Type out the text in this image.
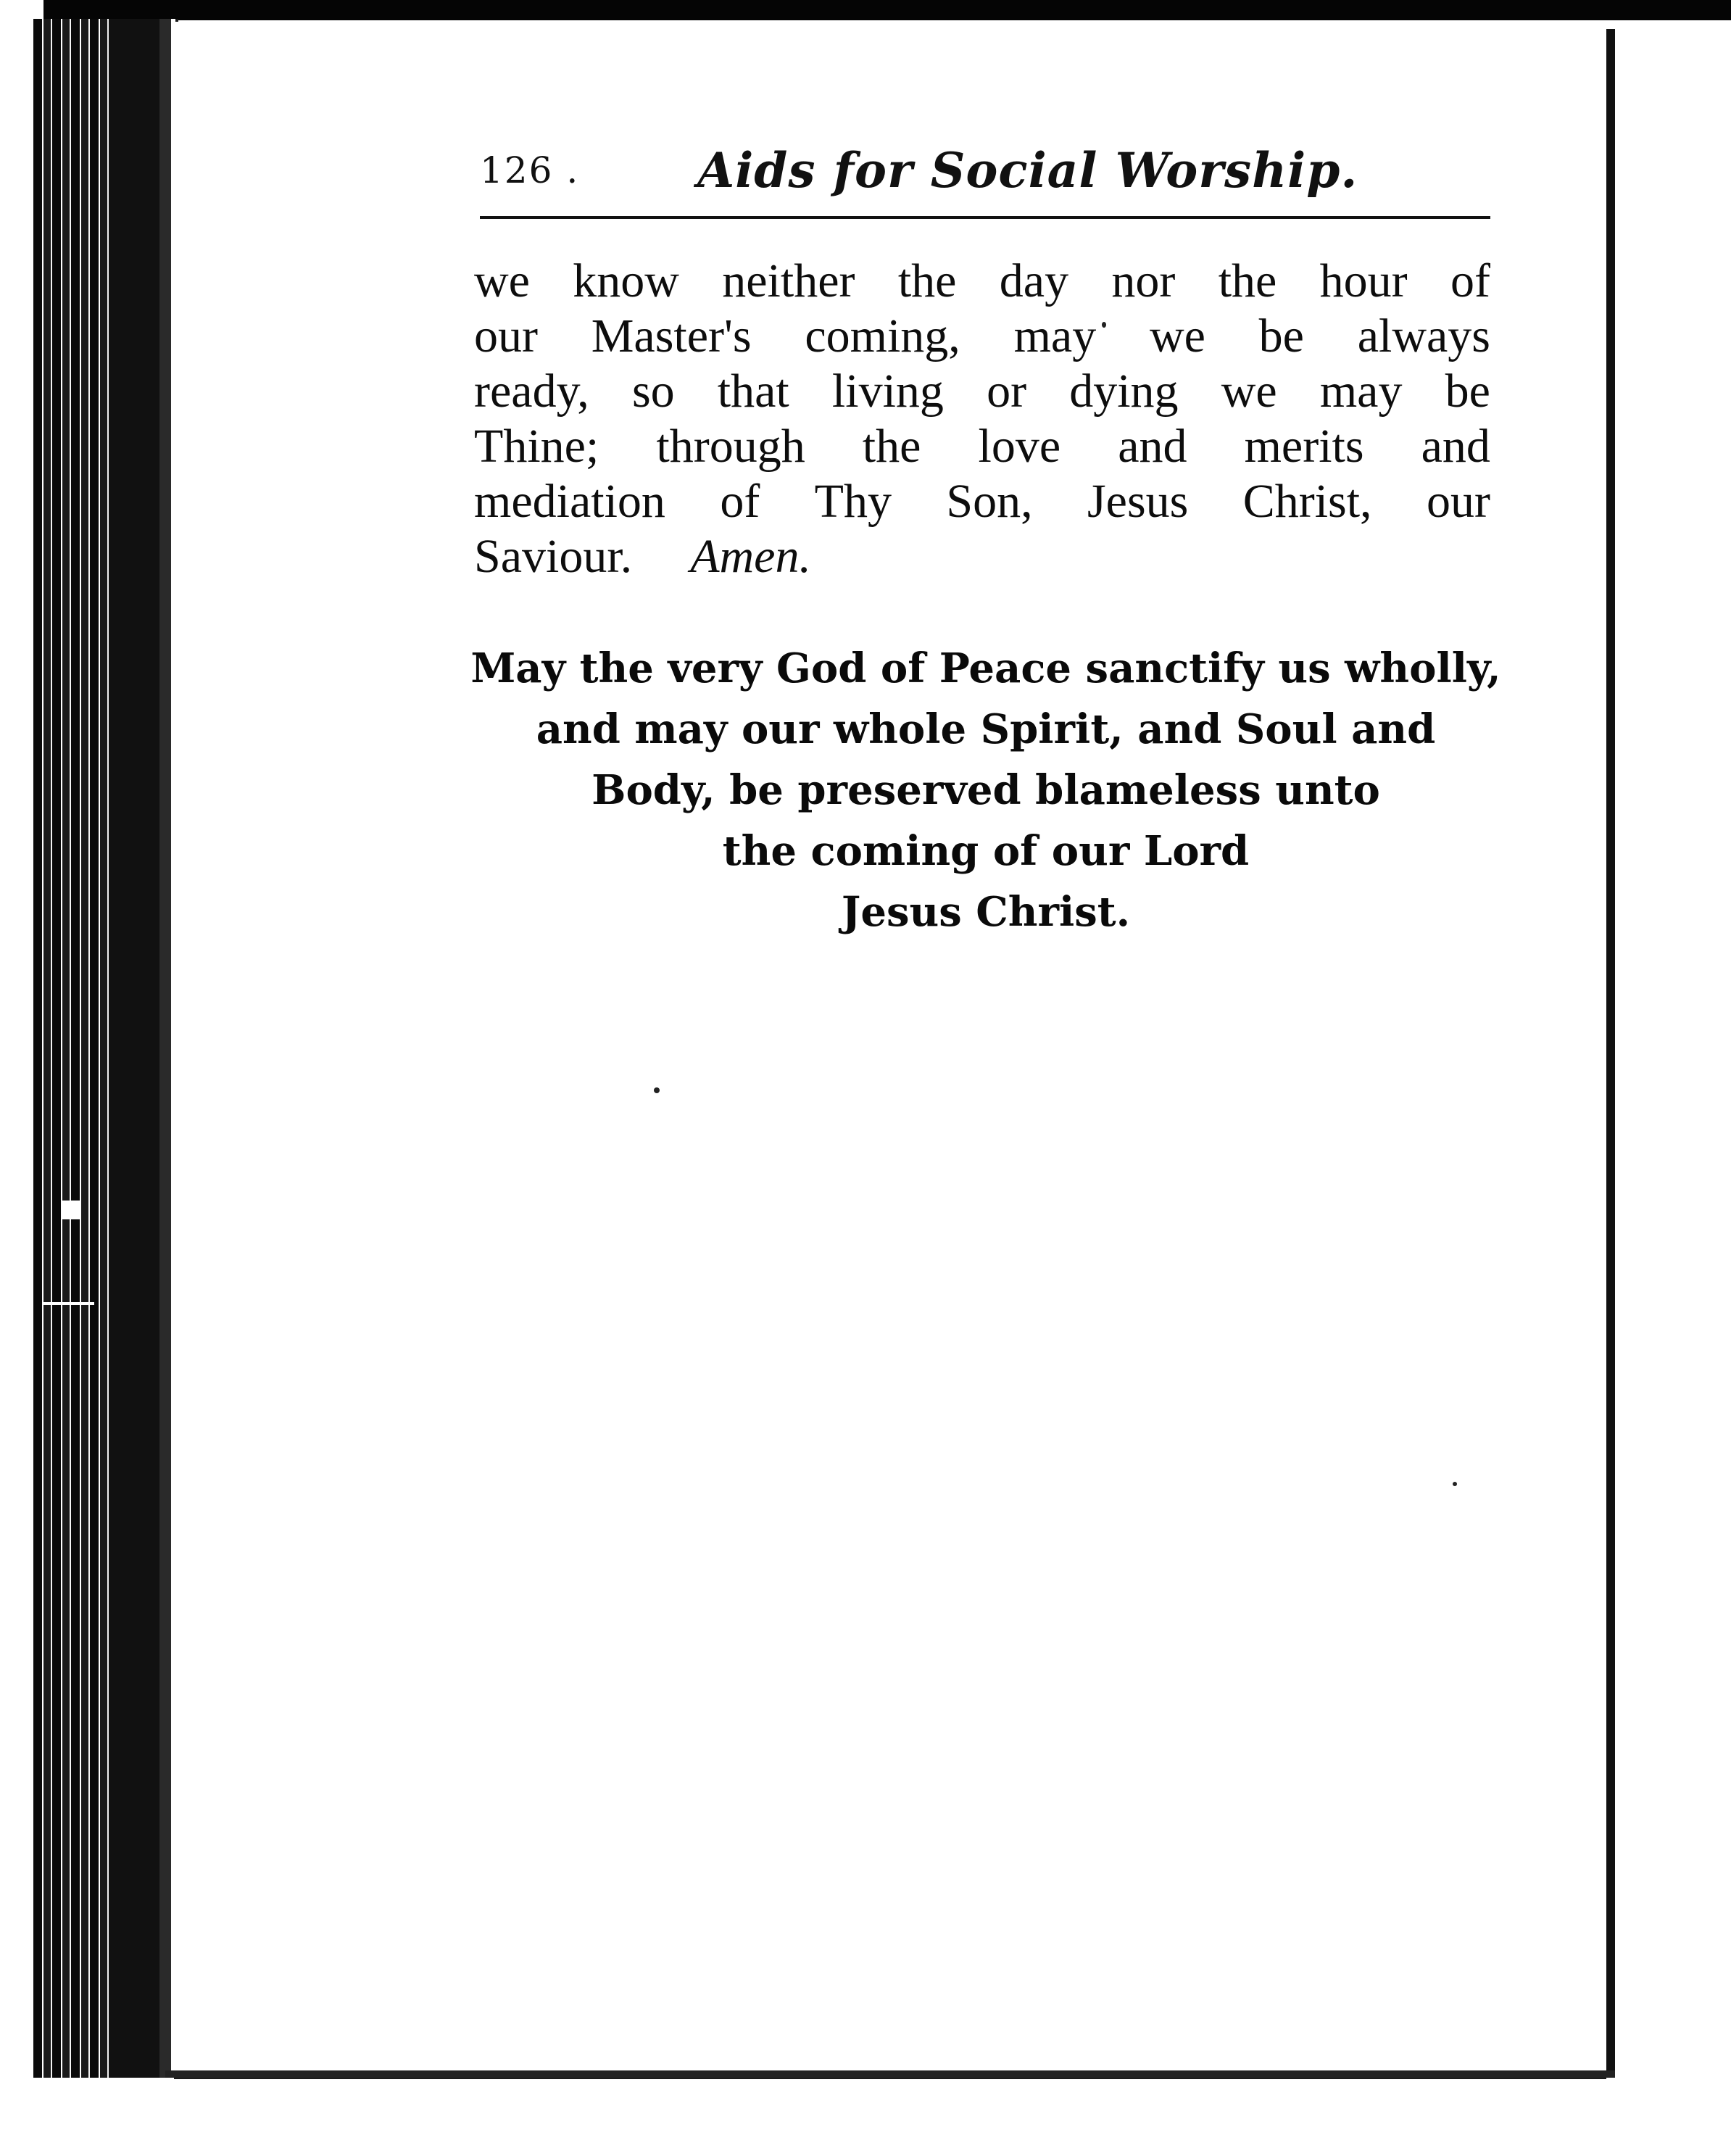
126 . Aids for Social Worship.
we know neither the day nor the hour of
our Master's coming, may we be always
ready, so that living or dying we may be
Thine; through the love and merits and
mediation of Thy Son, Jesus Christ, our
Saviour. Amen.
May the very God of Peace sanctify us wholly,
and may our whole Spirit, and Soul and
Body, be preserved blameless unto
the coming of our Lord
Jesus Christ.
